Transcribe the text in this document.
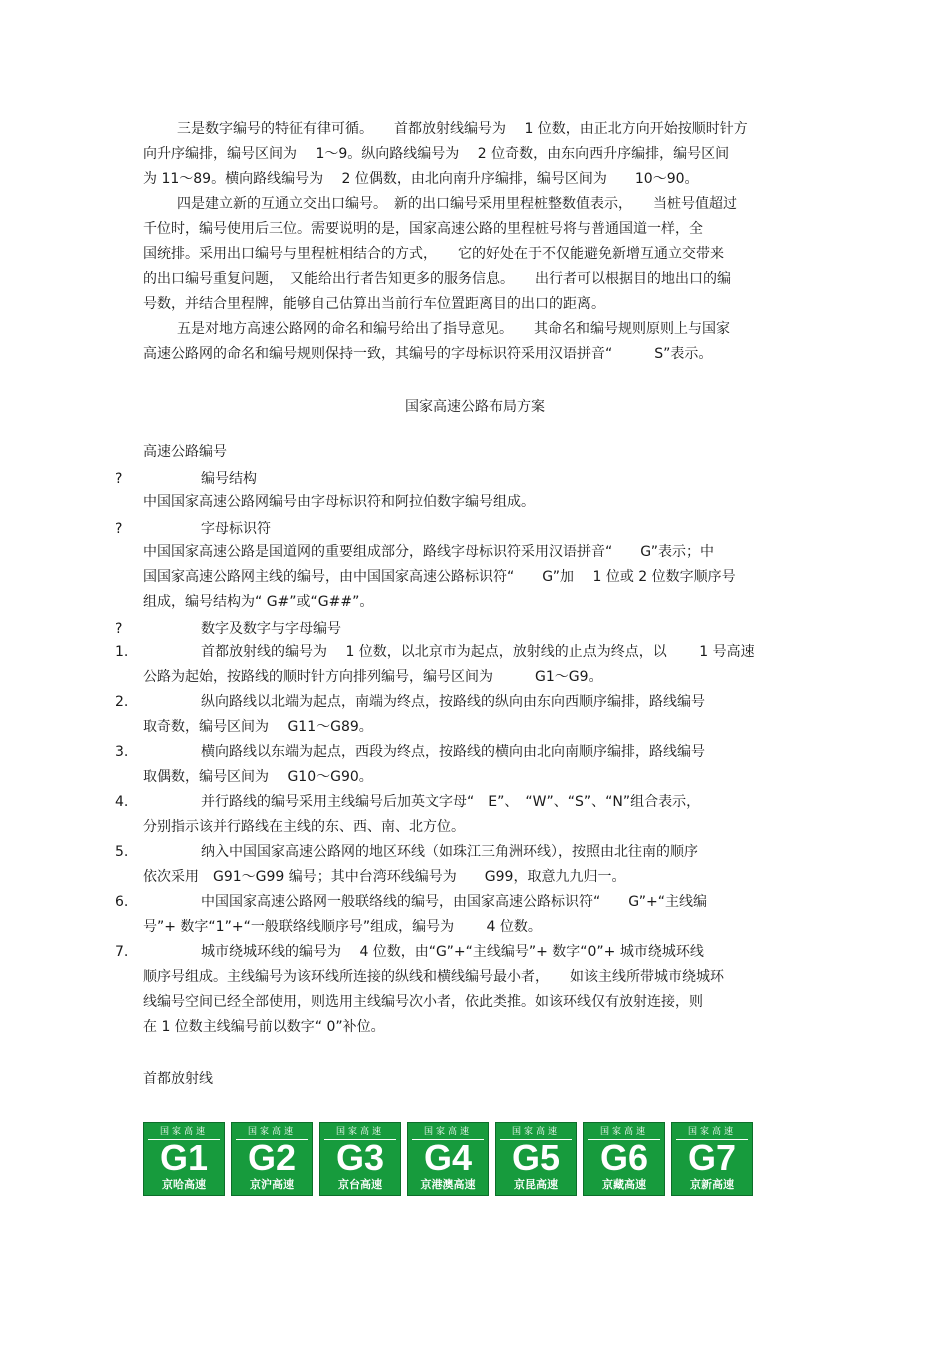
三是数字编号的特征有律可循。　　首都放射线编号为　 1 位数，由正北方向开始按顺时针方
向升序编排，编号区间为　 1～9。纵向路线编号为　 2 位奇数，由东向西升序编排，编号区间
为 11～89。横向路线编号为　 2 位偶数，由北向南升序编排，编号区间为　　10～90。
四是建立新的互通立交出口编号。　新的出口编号采用里程桩整数值表示，　　当桩号值超过
千位时，编号使用后三位。需要说明的是，国家高速公路的里程桩号将与普通国道一样，全
国统排。采用出口编号与里程桩相结合的方式，　　它的好处在于不仅能避免新增互通立交带来
的出口编号重复问题，　又能给出行者告知更多的服务信息。　　出行者可以根据目的地出口的编
号数，并结合里程牌，能够自己估算出当前行车位置距离目的出口的距离。
五是对地方高速公路网的命名和编号给出了指导意见。　　其命名和编号规则原则上与国家
高速公路网的命名和编号规则保持一致，其编号的字母标识符采用汉语拼音“　　　S”表示。
国家高速公路布局方案
高速公路编号
?	编号结构
中国国家高速公路网编号由字母标识符和阿拉伯数字编号组成。
?	字母标识符
中国国家高速公路是国道网的重要组成部分，路线字母标识符采用汉语拼音“　　G”表示；中
国国家高速公路网主线的编号，由中国国家高速公路标识符“　　G”加　 1 位或 2 位数字顺序号
组成，编号结构为“ G#”或“G##”。
?	数字及数字与字母编号
1.	首都放射线的编号为　 1 位数，以北京市为起点，放射线的止点为终点，以　　 1 号高速
公路为起始，按路线的顺时针方向排列编号，编号区间为　　　G1～G9。
2.	纵向路线以北端为起点，南端为终点，按路线的纵向由东向西顺序编排，路线编号
取奇数，编号区间为　 G11～G89。
3.	横向路线以东端为起点，西段为终点，按路线的横向由北向南顺序编排，路线编号
取偶数，编号区间为　 G10～G90。
4.	并行路线的编号采用主线编号后加英文字母“　E”、　“W”、“S”、“N”组合表示，
分别指示该并行路线在主线的东、西、南、北方位。
5.	纳入中国国家高速公路网的地区环线（如珠江三角洲环线），按照由北往南的顺序
依次采用　G91～G99 编号；其中台湾环线编号为　　G99，取意九九归一。
6.	中国国家高速公路网一般联络线的编号，由国家高速公路标识符“　　G”+“主线编
号”+ 数字“1”+“一般联络线顺序号”组成，编号为　　 4 位数。
7.	城市绕城环线的编号为　 4 位数，由“G”+“主线编号”+ 数字“0”+ 城市绕城环线
顺序号组成。主线编号为该环线所连接的纵线和横线编号最小者，　　如该主线所带城市绕城环
线编号空间已经全部使用，则选用主线编号次小者，依此类推。如该环线仅有放射连接，则
在 1 位数主线编号前以数字“ 0”补位。
首都放射线
国家高速
G1
京哈高速
国家高速
G2
京沪高速
国家高速
G3
京台高速
国家高速
G4
京港澳高速
国家高速
G5
京昆高速
国家高速
G6
京藏高速
国家高速
G7
京新高速
